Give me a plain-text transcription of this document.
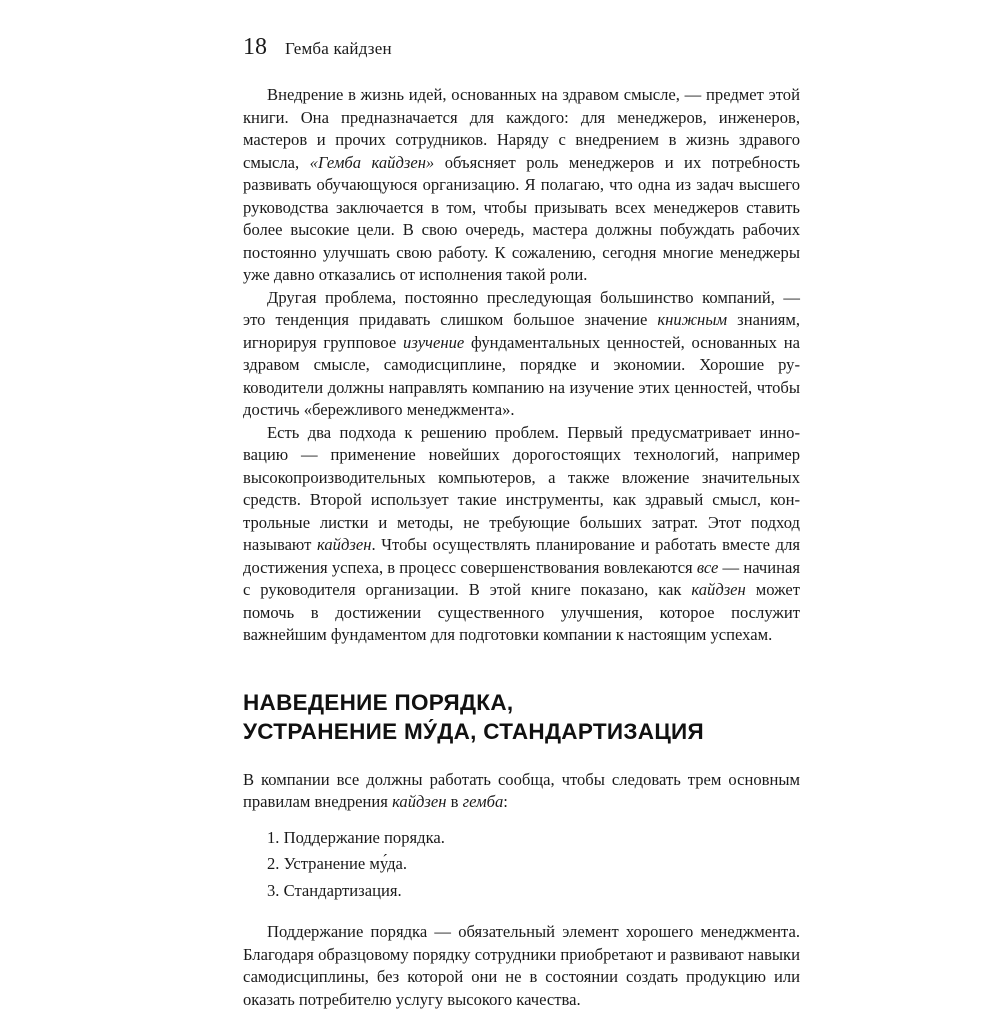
18 Гемба кайдзен

Внедрение в жизнь идей, основанных на здравом смысле, — предмет этой книги. Она предназначается для каждого: для менеджеров, инженеров, мастеров и прочих сотрудников. Наряду с внедрением в жизнь здравого смысла, «Гемба кайдзен» объясняет роль менеджеров и их потребность развивать обучающуюся организацию. Я полагаю, что одна из задач высшего руководства заключается в том, чтобы призывать всех менеджеров ставить более высокие цели. В свою очередь, мастера должны побуждать рабочих постоянно улучшать свою работу. К сожалению, сегодня многие менеджеры уже давно отказались от исполнения такой роли.

Другая проблема, постоянно преследующая большинство компаний, — это тенденция придавать слишком большое значение книжным знаниям, игнорируя групповое изучение фундаментальных ценностей, основанных на здравом смысле, самодисциплине, порядке и экономии. Хорошие руководители должны направлять компанию на изучение этих ценностей, чтобы достичь «бережливого менеджмента».

Есть два подхода к решению проблем. Первый предусматривает инновацию — применение новейших дорогостоящих технологий, например высокопроизводительных компьютеров, а также вложение значительных средств. Второй использует такие инструменты, как здравый смысл, контрольные листки и методы, не требующие больших затрат. Этот подход называют кайдзен. Чтобы осуществлять планирование и работать вместе для достижения успеха, в процесс совершенствования вовлекаются все — начиная с руководителя организации. В этой книге показано, как кайдзен может помочь в достижении существенного улучшения, которое послужит важнейшим фундаментом для подготовки компании к настоящим успехам.

НАВЕДЕНИЕ ПОРЯДКА,
УСТРАНЕНИЕ МУ́ДА, СТАНДАРТИЗАЦИЯ

В компании все должны работать сообща, чтобы следовать трем основным правилам внедрения кайдзен в гемба:

1. Поддержание порядка.
2. Устранение му́да.
3. Стандартизация.

Поддержание порядка — обязательный элемент хорошего менеджмента. Благодаря образцовому порядку сотрудники приобретают и развивают навыки самодисциплины, без которой они не в состоянии создать продукцию или оказать потребителю услугу высокого качества.
